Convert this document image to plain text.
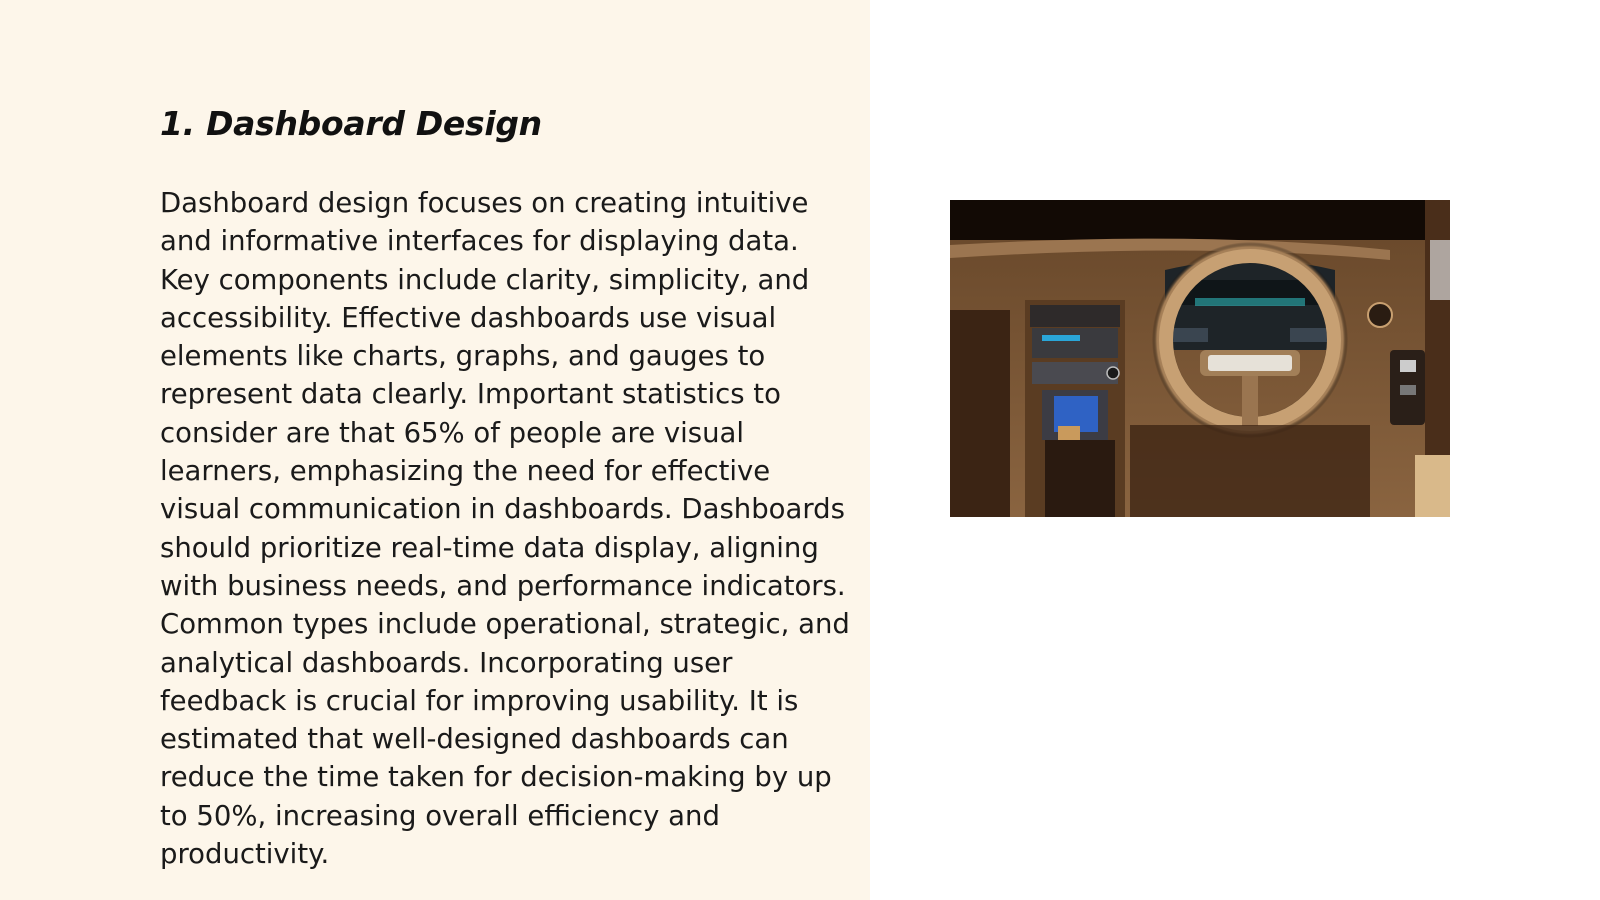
1. Dashboard Design

Dashboard design focuses on creating intuitive and informative interfaces for displaying data. Key components include clarity, simplicity, and accessibility. Effective dashboards use visual elements like charts, graphs, and gauges to represent data clearly. Important statistics to consider are that 65% of people are visual learners, emphasizing the need for effective visual communication in dashboards. Dashboards should prioritize real-time data display, aligning with business needs, and performance indicators. Common types include operational, strategic, and analytical dashboards. Incorporating user feedback is crucial for improving usability. It is estimated that well-designed dashboards can reduce the time taken for decision-making by up to 50%, increasing overall efficiency and productivity.
